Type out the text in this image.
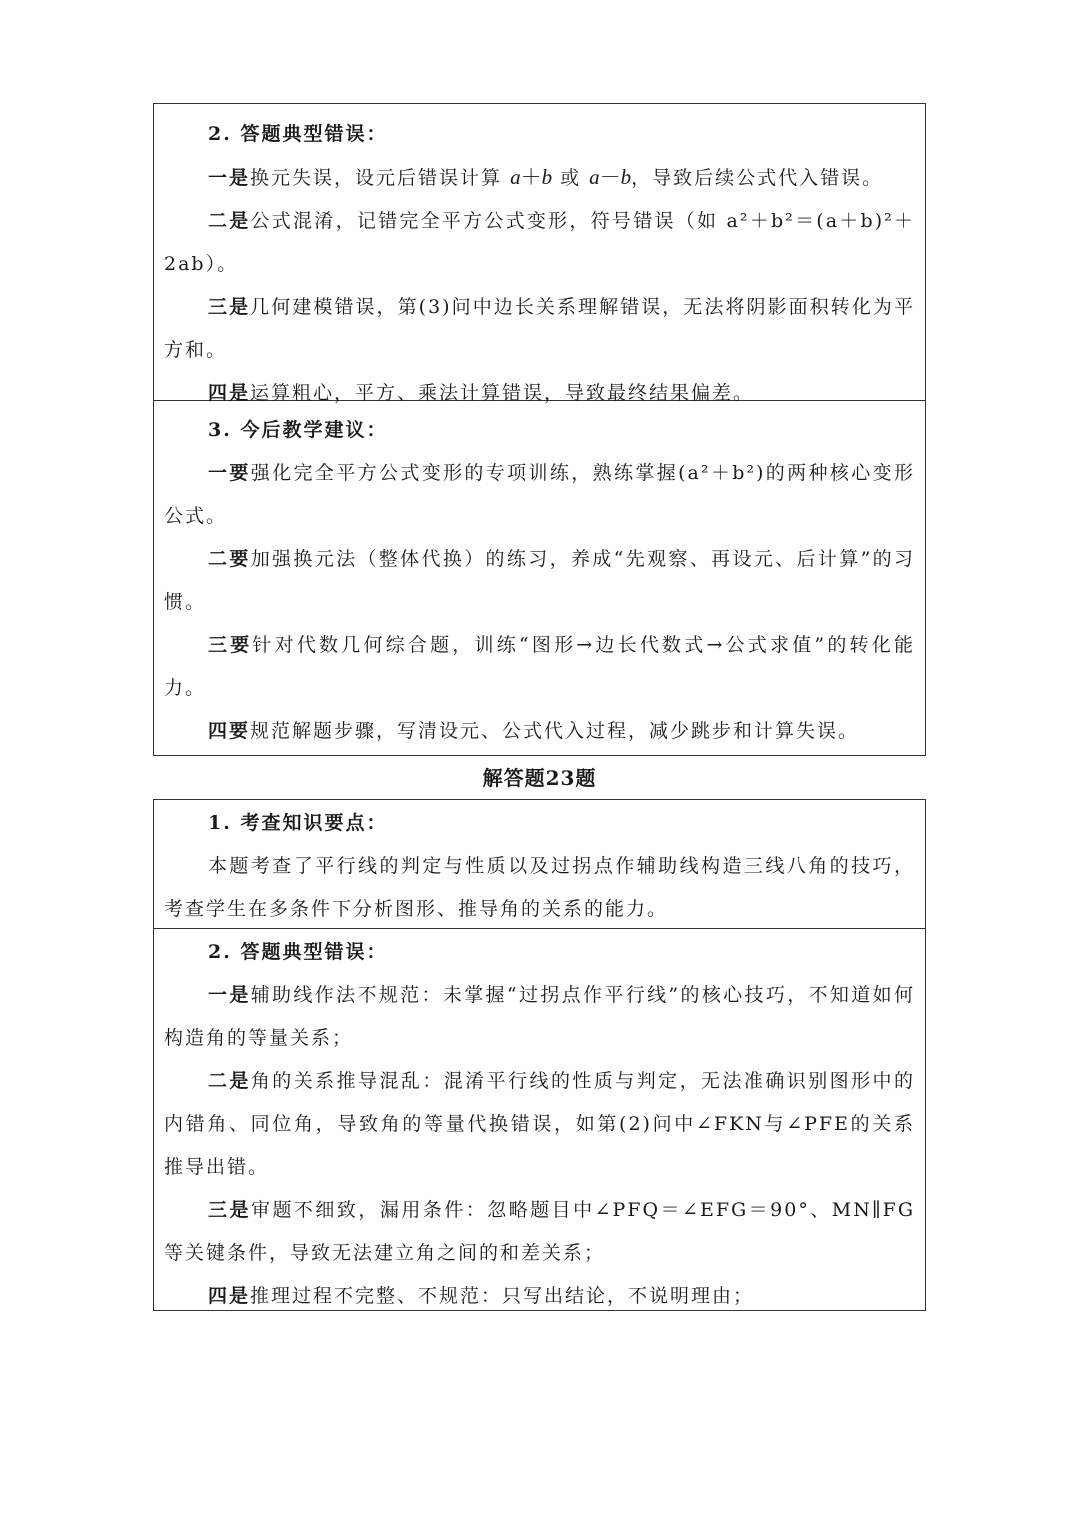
2. 答题典型错误：

一是换元失误，设元后错误计算 a＋b 或 a－b，导致后续公式代入错误。

二是公式混淆，记错完全平方公式变形，符号错误（如 a²＋b²＝(a＋b)²＋2ab）。

三是几何建模错误，第(3)问中边长关系理解错误，无法将阴影面积转化为平方和。

四是运算粗心，平方、乘法计算错误，导致最终结果偏差。

3. 今后教学建议：

一要强化完全平方公式变形的专项训练，熟练掌握(a²＋b²)的两种核心变形公式。

二要加强换元法（整体代换）的练习，养成“先观察、再设元、后计算”的习惯。

三要针对代数几何综合题，训练“图形→边长代数式→公式求值”的转化能力。

四要规范解题步骤，写清设元、公式代入过程，减少跳步和计算失误。

解答题23题

1. 考查知识要点：

本题考查了平行线的判定与性质以及过拐点作辅助线构造三线八角的技巧，考查学生在多条件下分析图形、推导角的关系的能力。

2. 答题典型错误：

一是辅助线作法不规范：未掌握“过拐点作平行线”的核心技巧，不知道如何构造角的等量关系；

二是角的关系推导混乱：混淆平行线的性质与判定，无法准确识别图形中的内错角、同位角，导致角的等量代换错误，如第(2)问中∠FKN与∠PFE的关系推导出错。

三是审题不细致，漏用条件：忽略题目中∠PFQ＝∠EFG＝90°、MN∥FG等关键条件，导致无法建立角之间的和差关系；

四是推理过程不完整、不规范：只写出结论，不说明理由；
